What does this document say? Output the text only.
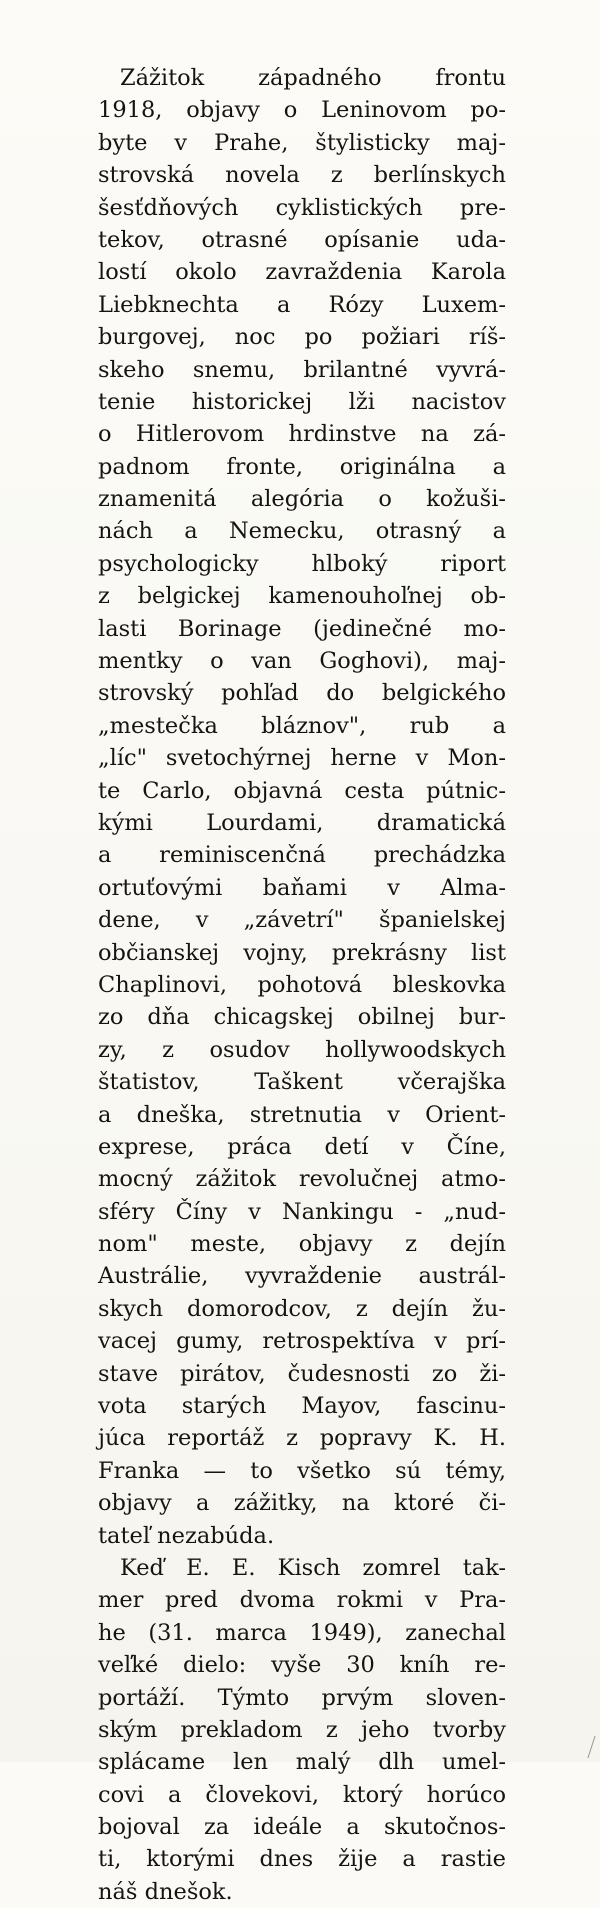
Zážitok západného frontu
1918, objavy o Leninovom po-
byte v Prahe, štylisticky maj-
strovská novela z berlínskych
šesťdňových cyklistických pre-
tekov, otrasné opísanie uda-
lostí okolo zavraždenia Karola
Liebknechta a Rózy Luxem-
burgovej, noc po požiari ríš-
skeho snemu, brilantné vyvrá-
tenie historickej lži nacistov
o Hitlerovom hrdinstve na zá-
padnom fronte, originálna a
znamenitá alegória o kožuši-
nách a Nemecku, otrasný a
psychologicky hlboký riport
z belgickej kamenouhoľnej ob-
lasti Borinage (jedinečné mo-
mentky o van Goghovi), maj-
strovský pohľad do belgického
„mestečka bláznov", rub a
„líc" svetochýrnej herne v Mon-
te Carlo, objavná cesta pútnic-
kými Lourdami, dramatická
a reminiscenčná prechádzka
ortuťovými baňami v Alma-
dene, v „závetrí" španielskej
občianskej vojny, prekrásny list
Chaplinovi, pohotová bleskovka
zo dňa chicagskej obilnej bur-
zy, z osudov hollywoodskych
štatistov, Taškent včerajška
a dneška, stretnutia v Orient-
exprese, práca detí v Číne,
mocný zážitok revolučnej atmo-
sféry Číny v Nankingu - „nud-
nom" meste, objavy z dejín
Austrálie, vyvraždenie austrál-
skych domorodcov, z dejín žu-
vacej gumy, retrospektíva v prí-
stave pirátov, čudesnosti zo ži-
vota starých Mayov, fascinu-
júca reportáž z popravy K. H.
Franka — to všetko sú témy,
objavy a zážitky, na ktoré či-
tateľ nezabúda.
Keď E. E. Kisch zomrel tak-
mer pred dvoma rokmi v Pra-
he (31. marca 1949), zanechal
veľké dielo: vyše 30 kníh re-
portáží. Týmto prvým sloven-
ským prekladom z jeho tvorby
splácame len malý dlh umel-
covi a človekovi, ktorý horúco
bojoval za ideále a skutočnos-
ti, ktorými dnes žije a rastie
náš dnešok.
